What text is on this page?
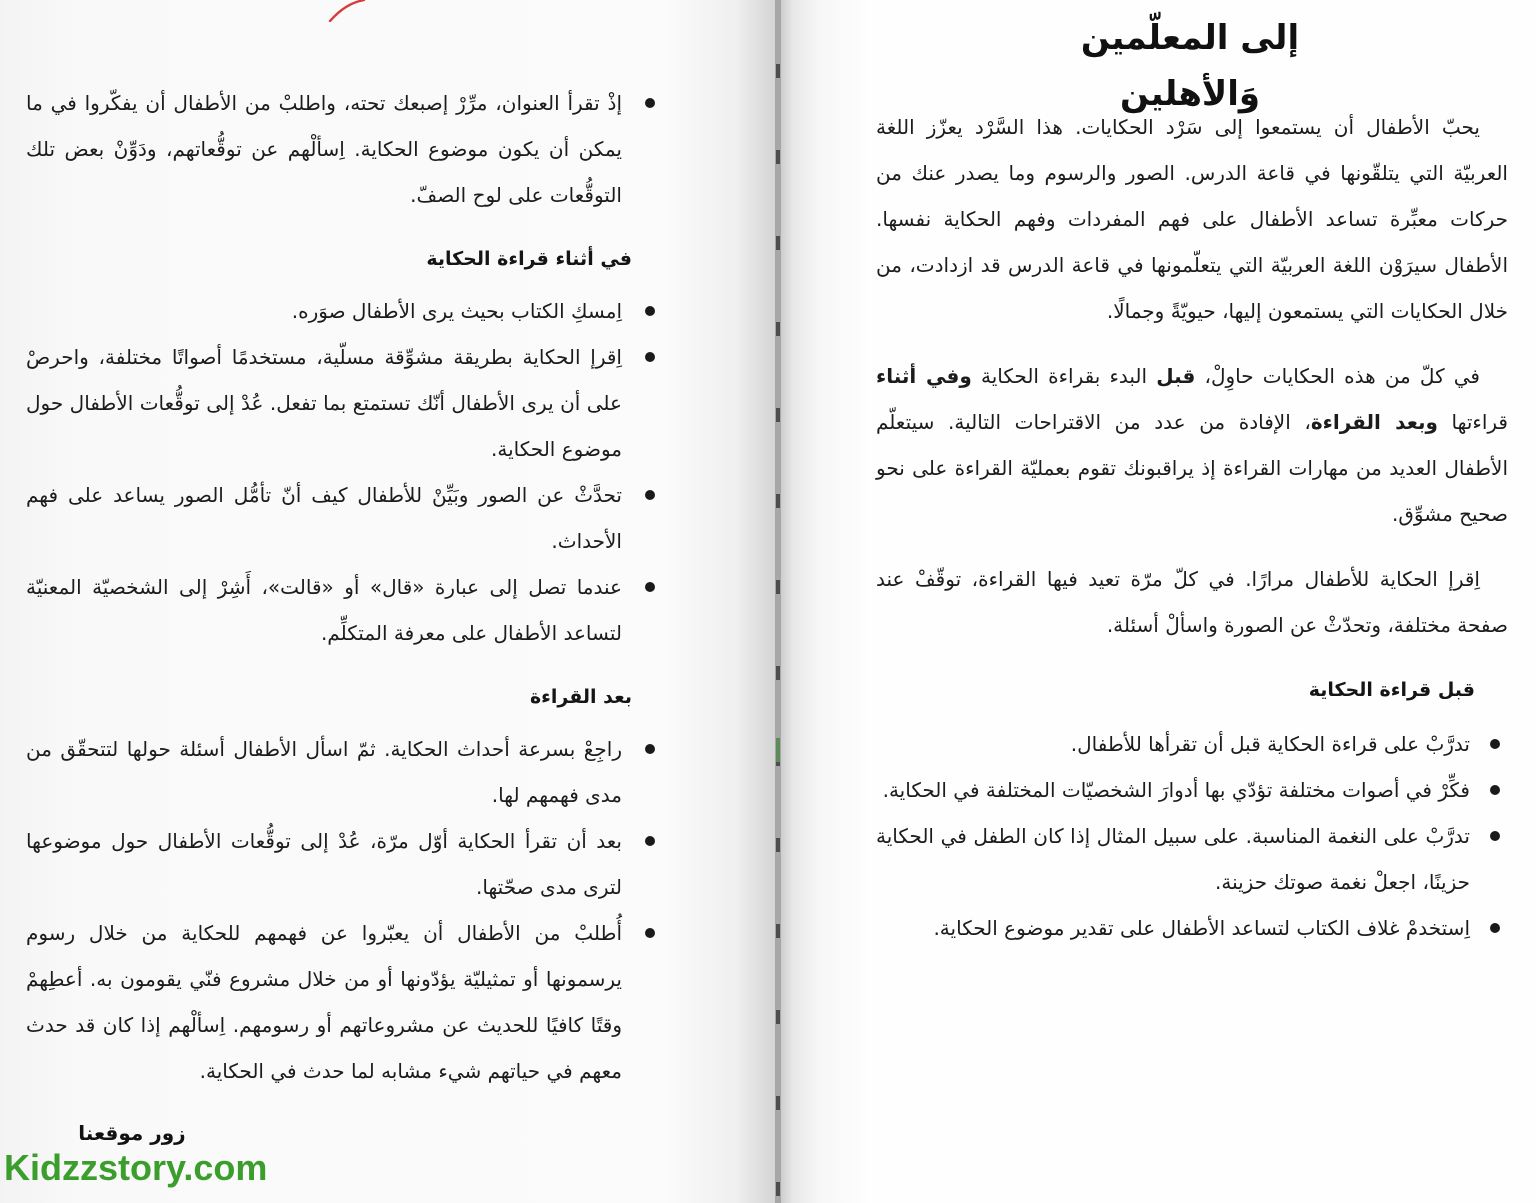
إذْ تقرأ العنوان، مرِّرْ إصبعك تحته، واطلبْ من الأطفال أن يفكّروا في ما يمكن أن يكون موضوع الحكاية. اِسألْهم عن توقُّعاتهم، ودَوِّنْ بعض تلك التوقُّعات على لوح الصفّ.
في أثناء قراءة الحكاية
اِمسكِ الكتاب بحيث يرى الأطفال صوَره.
اِقرإ الحكاية بطريقة مشوِّقة مسلّية، مستخدمًا أصواتًا مختلفة، واحرصْ على أن يرى الأطفال أنّك تستمتع بما تفعل. عُدْ إلى توقُّعات الأطفال حول موضوع الحكاية.
تحدَّثْ عن الصور وبَيِّنْ للأطفال كيف أنّ تأمُّل الصور يساعد على فهم الأحداث.
عندما تصل إلى عبارة «قال» أو «قالت»، أَشِرْ إلى الشخصيّة المعنيّة لتساعد الأطفال على معرفة المتكلِّم.
بعد القراءة
راجِعْ بسرعة أحداث الحكاية. ثمّ اسأل الأطفال أسئلة حولها لتتحقّق من مدى فهمهم لها.
بعد أن تقرأ الحكاية أوّل مرّة، عُدْ إلى توقُّعات الأطفال حول موضوعها لترى مدى صحّتها.
أُطلبْ من الأطفال أن يعبّروا عن فهمهم للحكاية من خلال رسوم يرسمونها أو تمثيليّة يؤدّونها أو من خلال مشروع فنّي يقومون به. أعطِهمْ وقتًا كافيًا للحديث عن مشروعاتهم أو رسومهم. اِسألْهم إذا كان قد حدث معهم في حياتهم شيء مشابه لما حدث في الحكاية.
إلى المعلّمين وَالأهلين

يحبّ الأطفال أن يستمعوا إلى سَرْد الحكايات. هذا السَّرْد يعزّز اللغة العربيّة التي يتلقّونها في قاعة الدرس. الصور والرسوم وما يصدر عنك من حركات معبِّرة تساعد الأطفال على فهم المفردات وفهم الحكاية نفسها. الأطفال سيرَوْن اللغة العربيّة التي يتعلّمونها في قاعة الدرس قد ازدادت، من خلال الحكايات التي يستمعون إليها، حيويّةً وجمالًا.

في كلّ من هذه الحكايات حاوِلْ، قبل البدء بقراءة الحكاية وفي أثناء قراءتها وبعد القراءة، الإفادة من عدد من الاقتراحات التالية. سيتعلّم الأطفال العديد من مهارات القراءة إذ يراقبونك تقوم بعمليّة القراءة على نحو صحيح مشوِّق.

اِقرإ الحكاية للأطفال مرارًا. في كلّ مرّة تعيد فيها القراءة، توقّفْ عند صفحة مختلفة، وتحدّثْ عن الصورة واسألْ أسئلة.

قبل قراءة الحكاية
تدرَّبْ على قراءة الحكاية قبل أن تقرأها للأطفال.
فكِّرْ في أصوات مختلفة تؤدّي بها أدوارَ الشخصيّات المختلفة في الحكاية.
تدرَّبْ على النغمة المناسبة. على سبيل المثال إذا كان الطفل في الحكاية حزينًا، اجعلْ نغمة صوتك حزينة.
اِستخدمْ غلاف الكتاب لتساعد الأطفال على تقدير موضوع الحكاية.
زور موقعنا
Kidzzstory.com
